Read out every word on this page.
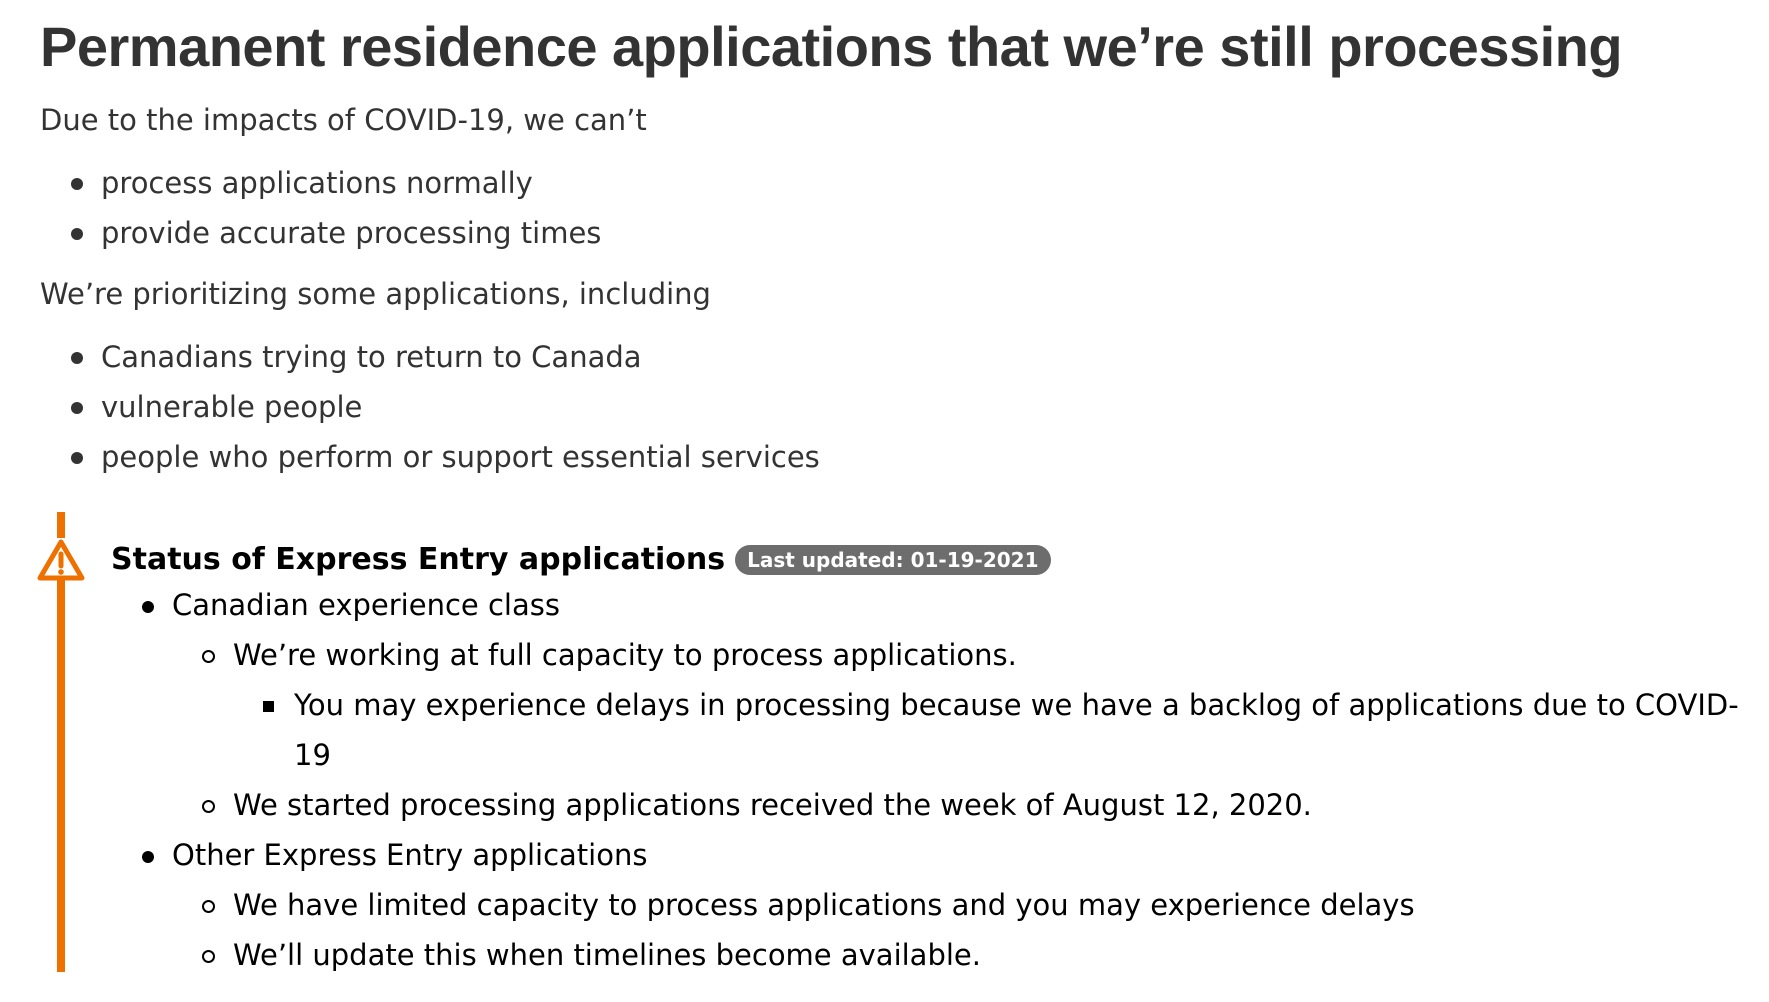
Permanent residence applications that we’re still processing

Due to the impacts of COVID-19, we can’t

process applications normally
provide accurate processing times

We’re prioritizing some applications, including

Canadians trying to return to Canada
vulnerable people
people who perform or support essential services
Status of Express Entry applications	Last updated: 01-19-2021
Canadian experience class
We’re working at full capacity to process applications.
You may experience delays in processing because we have a backlog of applications due to COVID-19
We started processing applications received the week of August 12, 2020.
Other Express Entry applications
We have limited capacity to process applications and you may experience delays
We’ll update this when timelines become available.
